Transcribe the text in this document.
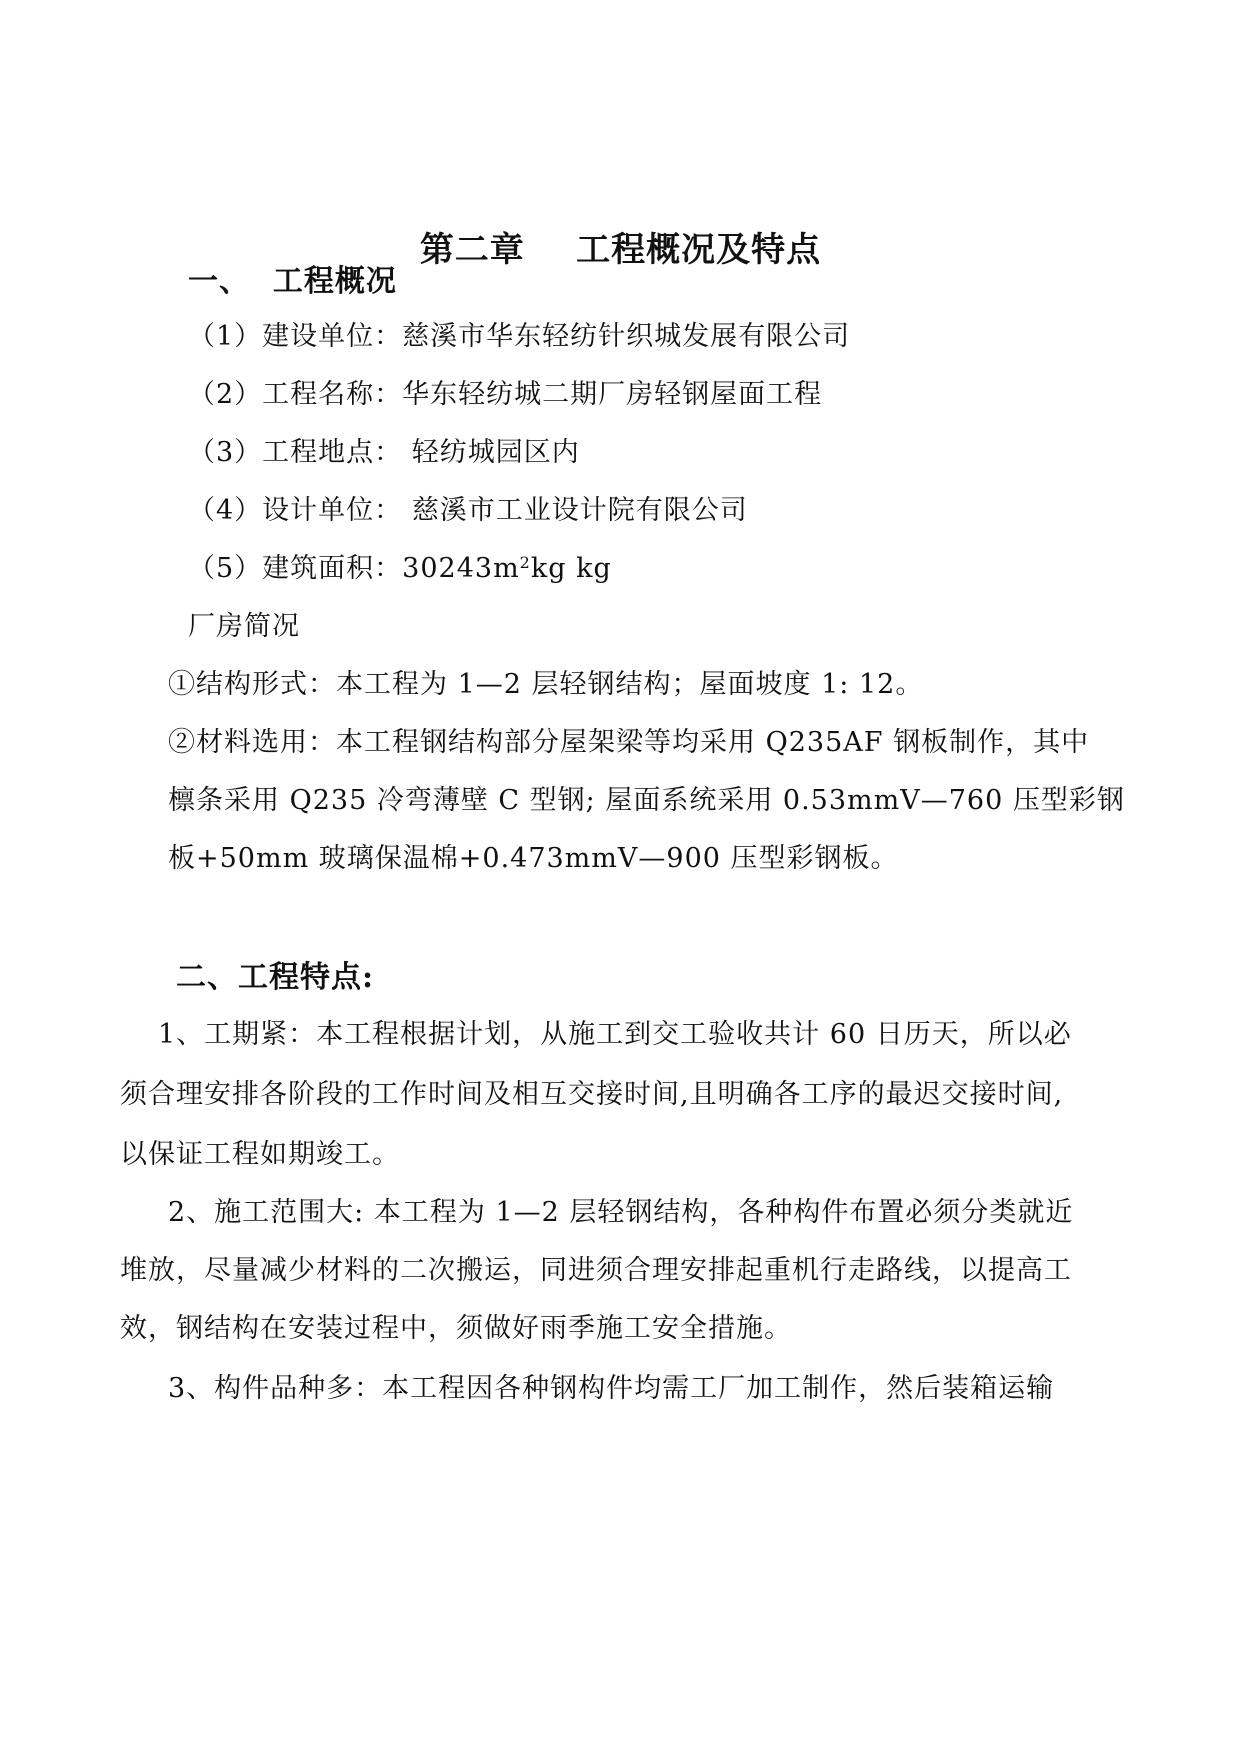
第二章    工程概况及特点
一、  工程概况
（1）建设单位：慈溪市华东轻纺针织城发展有限公司
（2）工程名称：华东轻纺城二期厂房轻钢屋面工程
（3）工程地点： 轻纺城园区内
（4）设计单位： 慈溪市工业设计院有限公司
（5）建筑面积：$30243m^2kg$ kg
厂房简况
①结构形式：本工程为 1—2 层轻钢结构；屋面坡度 1: 12。
②材料选用：本工程钢结构部分屋架梁等均采用 Q235AF 钢板制作，其中
檩条采用 Q235 冷弯薄壁 C 型钢; 屋面系统采用 0.53mmV—760 压型彩钢
板+50mm 玻璃保温棉+0.473mmV—900 压型彩钢板。
二、工程特点:
1、工期紧：本工程根据计划，从施工到交工验收共计 60 日历天，所以必
须合理安排各阶段的工作时间及相互交接时间,且明确各工序的最迟交接时间,
以保证工程如期竣工。
2、施工范围大: 本工程为 1—2 层轻钢结构，各种构件布置必须分类就近
堆放，尽量减少材料的二次搬运，同进须合理安排起重机行走路线，以提高工
效，钢结构在安装过程中，须做好雨季施工安全措施。
3、构件品种多：本工程因各种钢构件均需工厂加工制作，然后装箱运输
